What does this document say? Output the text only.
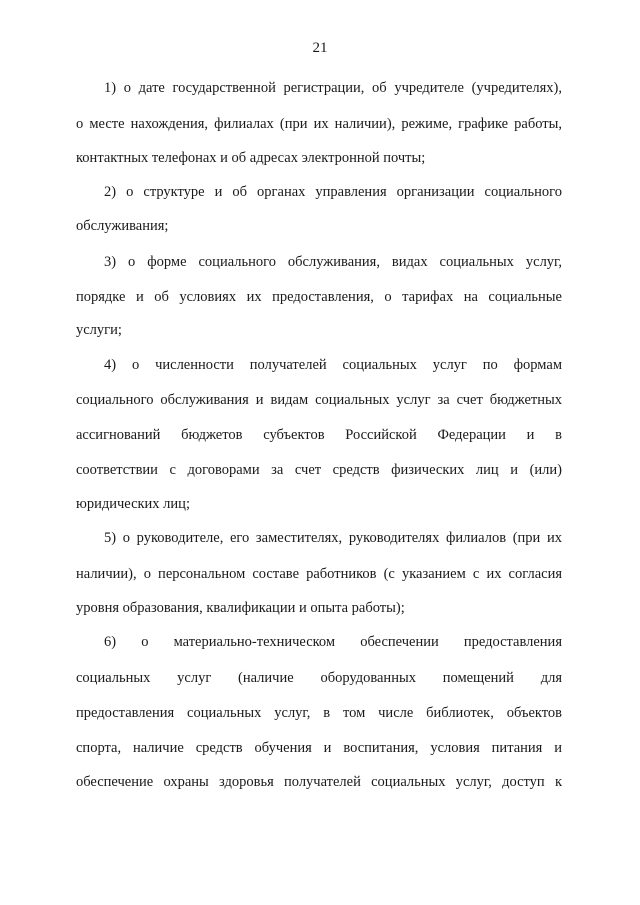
21
1) о дате государственной регистрации, об учредителе (учредителях),
о месте нахождения, филиалах (при их наличии), режиме, графике работы,
контактных телефонах и об адресах электронной почты;
2) о структуре и об органах управления организации социального
обслуживания;
3) о форме социального обслуживания, видах социальных услуг,
порядке и об условиях их предоставления, о тарифах на социальные
услуги;
4) о численности получателей социальных услуг по формам
социального обслуживания и видам социальных услуг за счет бюджетных
ассигнований бюджетов субъектов Российской Федерации и в
соответствии с договорами за счет средств физических лиц и (или)
юридических лиц;
5) о руководителе, его заместителях, руководителях филиалов (при их
наличии), о персональном составе работников (с указанием с их согласия
уровня образования, квалификации и опыта работы);
6) о материально-техническом обеспечении предоставления
социальных услуг (наличие оборудованных помещений для
предоставления социальных услуг, в том числе библиотек, объектов
спорта, наличие средств обучения и воспитания, условия питания и
обеспечение охраны здоровья получателей социальных услуг, доступ к
